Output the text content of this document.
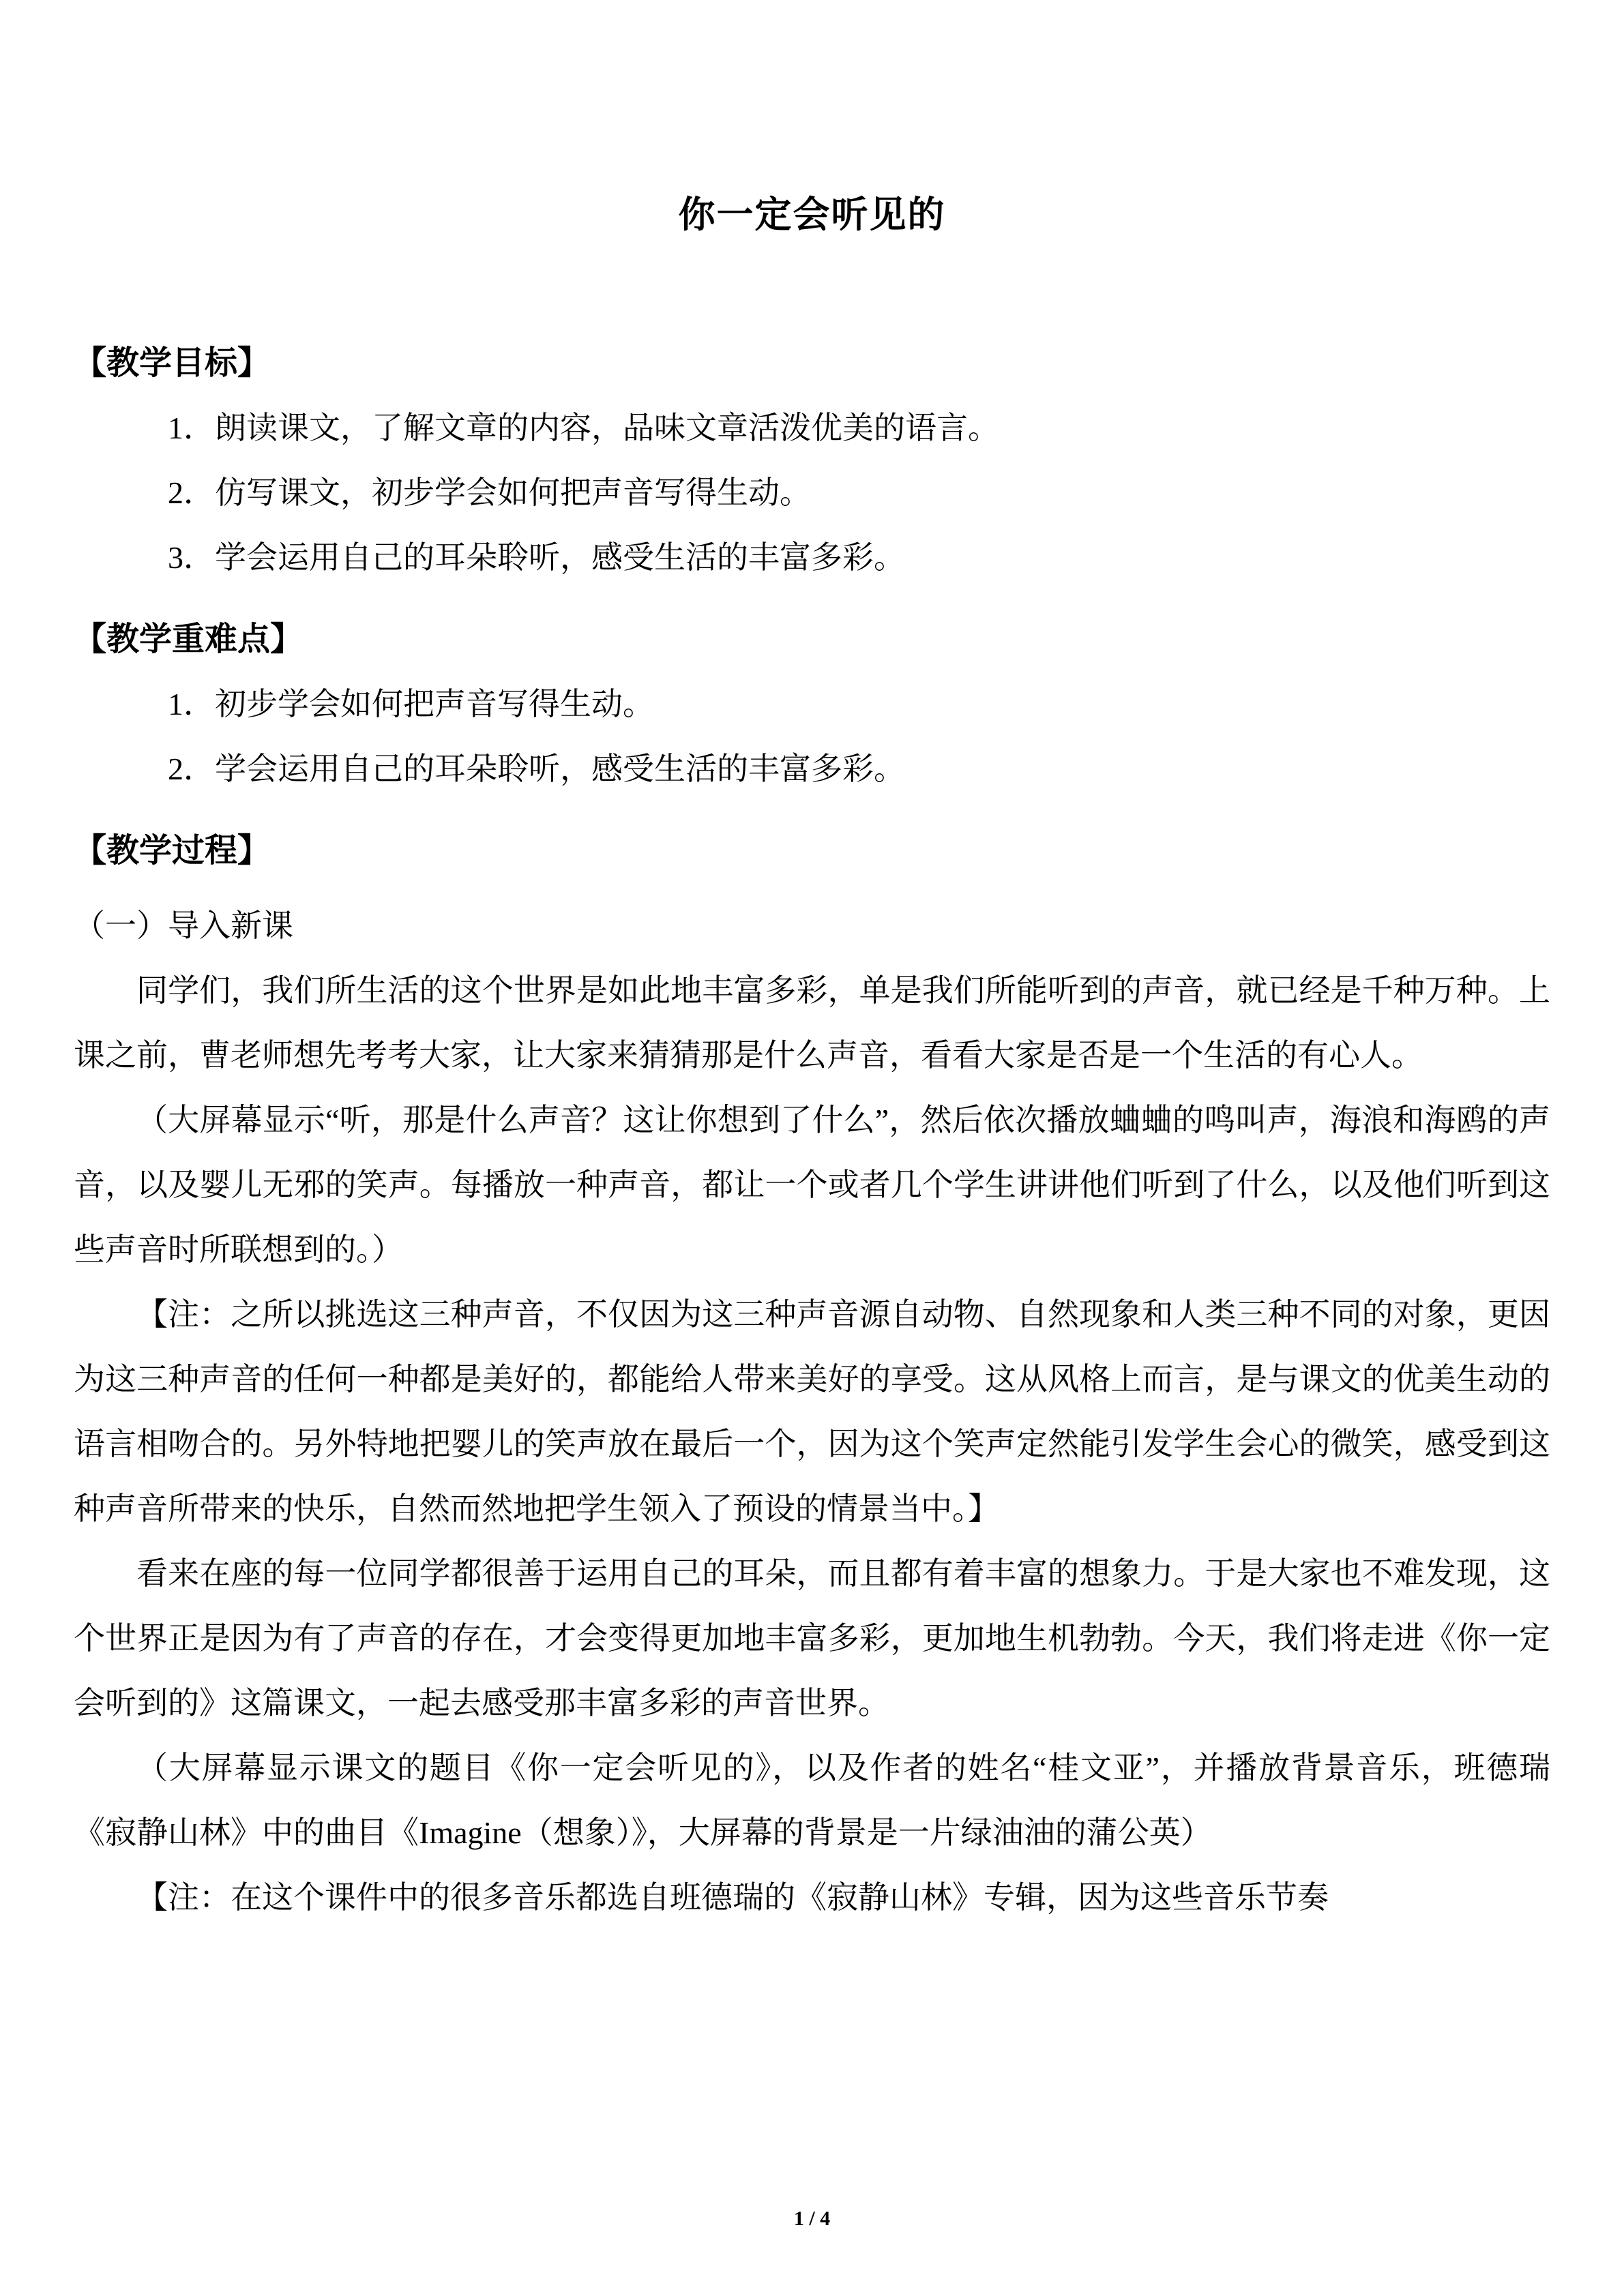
你一定会听见的
【教学目标】

1．朗读课文，了解文章的内容，品味文章活泼优美的语言。

2．仿写课文，初步学会如何把声音写得生动。

3．学会运用自己的耳朵聆听，感受生活的丰富多彩。

【教学重难点】

1．初步学会如何把声音写得生动。

2．学会运用自己的耳朵聆听，感受生活的丰富多彩。

【教学过程】

（一）导入新课

同学们，我们所生活的这个世界是如此地丰富多彩，单是我们所能听到的声音，就已经是千种万种。上课之前，曹老师想先考考大家，让大家来猜猜那是什么声音，看看大家是否是一个生活的有心人。

（大屏幕显示“听，那是什么声音？这让你想到了什么”，然后依次播放蛐蛐的鸣叫声，海浪和海鸥的声音，以及婴儿无邪的笑声。每播放一种声音，都让一个或者几个学生讲讲他们听到了什么，以及他们听到这些声音时所联想到的。）

【注：之所以挑选这三种声音，不仅因为这三种声音源自动物、自然现象和人类三种不同的对象，更因为这三种声音的任何一种都是美好的，都能给人带来美好的享受。这从风格上而言，是与课文的优美生动的语言相吻合的。另外特地把婴儿的笑声放在最后一个，因为这个笑声定然能引发学生会心的微笑，感受到这种声音所带来的快乐，自然而然地把学生领入了预设的情景当中。】

看来在座的每一位同学都很善于运用自己的耳朵，而且都有着丰富的想象力。于是大家也不难发现，这个世界正是因为有了声音的存在，才会变得更加地丰富多彩，更加地生机勃勃。今天，我们将走进《你一定会听到的》这篇课文，一起去感受那丰富多彩的声音世界。

（大屏幕显示课文的题目《你一定会听见的》，以及作者的姓名“桂文亚”，并播放背景音乐，班德瑞《寂静山林》中的曲目《Imagine（想象）》，大屏幕的背景是一片绿油油的蒲公英）

【注：在这个课件中的很多音乐都选自班德瑞的《寂静山林》专辑，因为这些音乐节奏

1 / 4
